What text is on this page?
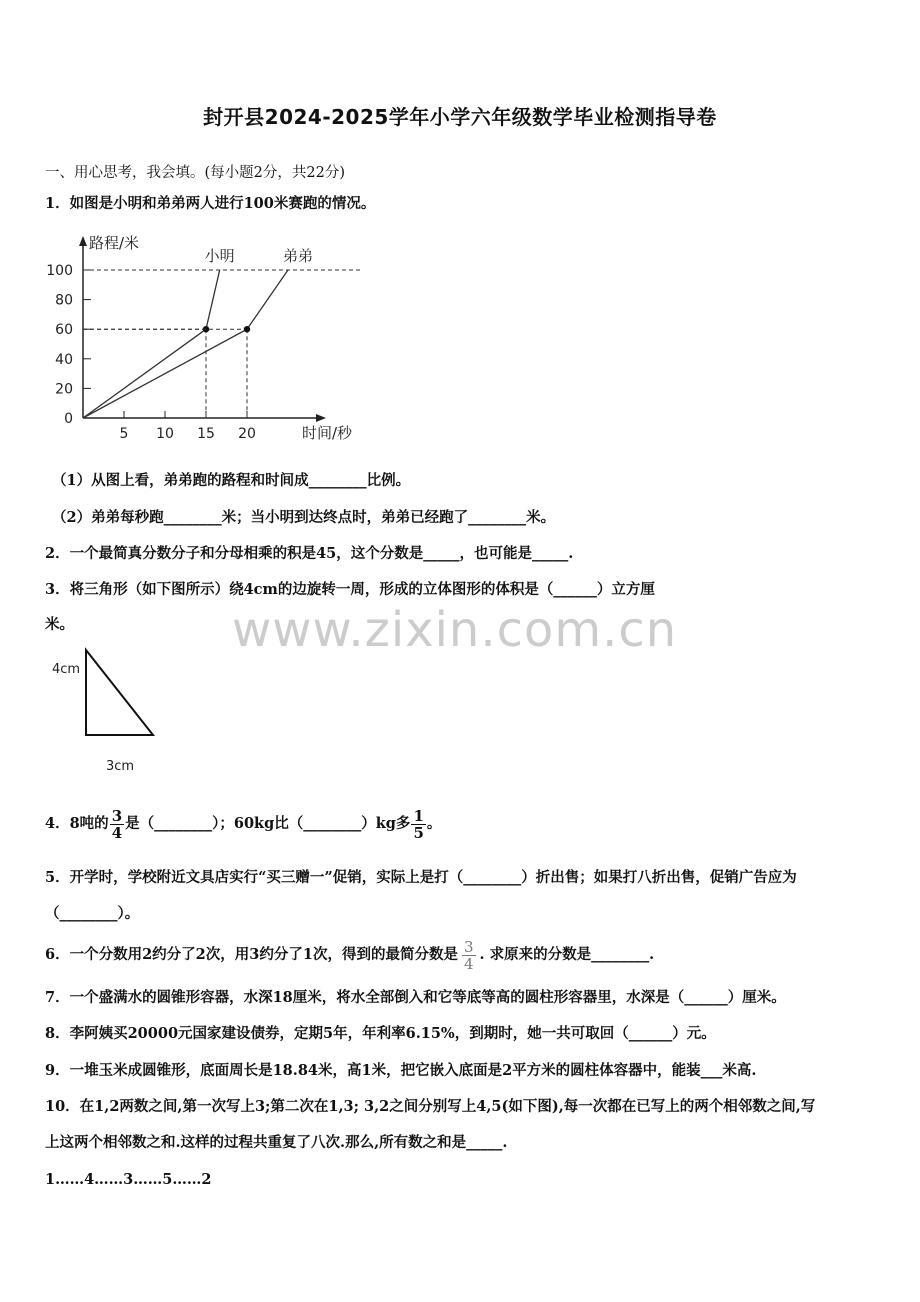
封开县2024-2025学年小学六年级数学毕业检测指导卷
www.zixin.com.cn
一、用心思考，我会填。(每小题2分，共22分)
1．如图是小明和弟弟两人进行100米赛跑的情况。
路程/米
时间/秒
0
20
40
60
80
100
5 10 15 20
小明	弟弟
（1）从图上看，弟弟跑的路程和时间成________比例。
（2）弟弟每秒跑________米；当小明到达终点时，弟弟已经跑了________米。
2．一个最简真分数分子和分母相乘的积是45，这个分数是_____，也可能是_____.
3．将三角形（如下图所示）绕4cm的边旋转一周，形成的立体图形的体积是（______）立方厘
米。
4cm
3cm
4．8吨的 $\frac{3}{4}$ 是（________）；60kg比（________）kg多 $\frac{1}{5}$ 。
5．开学时，学校附近文具店实行“买三赠一”促销，实际上是打（________）折出售；如果打八折出售，促销广告应为
（________）。
6．一个分数用2约分了2次，用3约分了1次，得到的最简分数是 $\frac{3}{4}$ . 求原来的分数是________.
7．一个盛满水的圆锥形容器，水深18厘米，将水全部倒入和它等底等高的圆柱形容器里，水深是（______）厘米。
8．李阿姨买20000元国家建设债券，定期5年，年利率6.15%，到期时，她一共可取回（______）元。
9．一堆玉米成圆锥形，底面周长是18.84米，高1米，把它嵌入底面是2平方米的圆柱体容器中，能装___米高.
10．在1,2两数之间,第一次写上3;第二次在1,3; 3,2之间分别写上4,5(如下图),每一次都在已写上的两个相邻数之间,写
上这两个相邻数之和.这样的过程共重复了八次.那么,所有数之和是_____.
1……4……3……5……2
